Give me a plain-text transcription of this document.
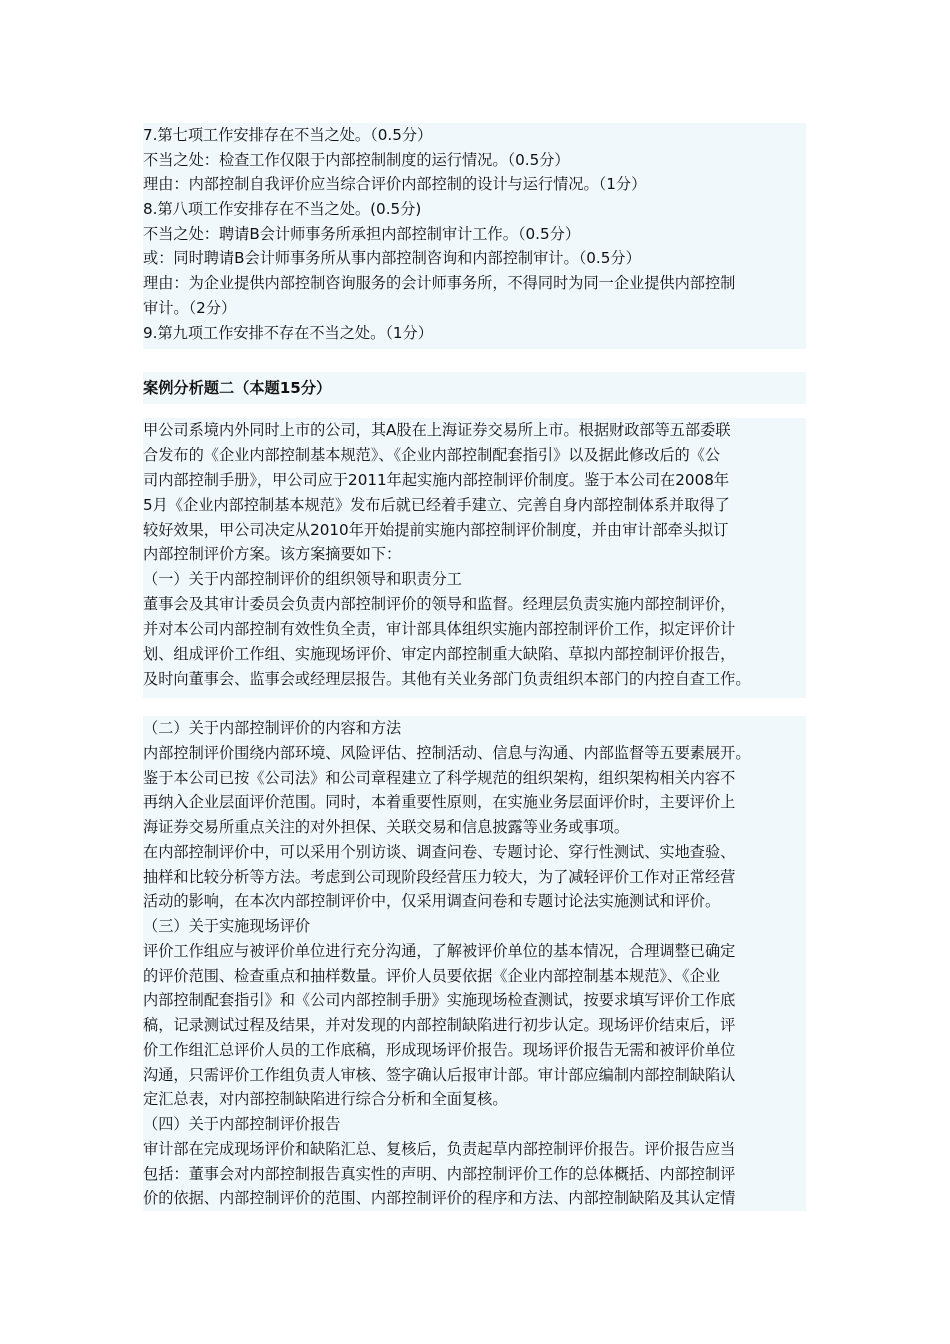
7.第七项工作安排存在不当之处。（0.5分）
不当之处：检查工作仅限于内部控制制度的运行情况。（0.5分）
理由：内部控制自我评价应当综合评价内部控制的设计与运行情况。（1分）
8.第八项工作安排存在不当之处。(0.5分)
不当之处：聘请B会计师事务所承担内部控制审计工作。（0.5分）
或：同时聘请B会计师事务所从事内部控制咨询和内部控制审计。（0.5分）
理由：为企业提供内部控制咨询服务的会计师事务所，不得同时为同一企业提供内部控制
审计。（2分）
9.第九项工作安排不存在不当之处。（1分）
案例分析题二（本题15分）
甲公司系境内外同时上市的公司，其A股在上海证券交易所上市。根据财政部等五部委联
合发布的《企业内部控制基本规范》、《企业内部控制配套指引》以及据此修改后的《公
司内部控制手册》，甲公司应于2011年起实施内部控制评价制度。鉴于本公司在2008年
5月《企业内部控制基本规范》发布后就已经着手建立、完善自身内部控制体系并取得了
较好效果，甲公司决定从2010年开始提前实施内部控制评价制度，并由审计部牵头拟订
内部控制评价方案。该方案摘要如下：
（一）关于内部控制评价的组织领导和职责分工
董事会及其审计委员会负责内部控制评价的领导和监督。经理层负责实施内部控制评价，
并对本公司内部控制有效性负全责，审计部具体组织实施内部控制评价工作，拟定评价计
划、组成评价工作组、实施现场评价、审定内部控制重大缺陷、草拟内部控制评价报告，
及时向董事会、监事会或经理层报告。其他有关业务部门负责组织本部门的内控自查工作。
（二）关于内部控制评价的内容和方法
内部控制评价围绕内部环境、风险评估、控制活动、信息与沟通、内部监督等五要素展开。
鉴于本公司已按《公司法》和公司章程建立了科学规范的组织架构，组织架构相关内容不
再纳入企业层面评价范围。同时，本着重要性原则，在实施业务层面评价时，主要评价上
海证券交易所重点关注的对外担保、关联交易和信息披露等业务或事项。
在内部控制评价中，可以采用个别访谈、调查问卷、专题讨论、穿行性测试、实地查验、
抽样和比较分析等方法。考虑到公司现阶段经营压力较大，为了减轻评价工作对正常经营
活动的影响，在本次内部控制评价中，仅采用调查问卷和专题讨论法实施测试和评价。
（三）关于实施现场评价
评价工作组应与被评价单位进行充分沟通，了解被评价单位的基本情况，合理调整已确定
的评价范围、检查重点和抽样数量。评价人员要依据《企业内部控制基本规范》、《企业
内部控制配套指引》和《公司内部控制手册》实施现场检查测试，按要求填写评价工作底
稿，记录测试过程及结果，并对发现的内部控制缺陷进行初步认定。现场评价结束后，评
价工作组汇总评价人员的工作底稿，形成现场评价报告。现场评价报告无需和被评价单位
沟通，只需评价工作组负责人审核、签字确认后报审计部。审计部应编制内部控制缺陷认
定汇总表，对内部控制缺陷进行综合分析和全面复核。
（四）关于内部控制评价报告
审计部在完成现场评价和缺陷汇总、复核后，负责起草内部控制评价报告。评价报告应当
包括：董事会对内部控制报告真实性的声明、内部控制评价工作的总体概括、内部控制评
价的依据、内部控制评价的范围、内部控制评价的程序和方法、内部控制缺陷及其认定情
